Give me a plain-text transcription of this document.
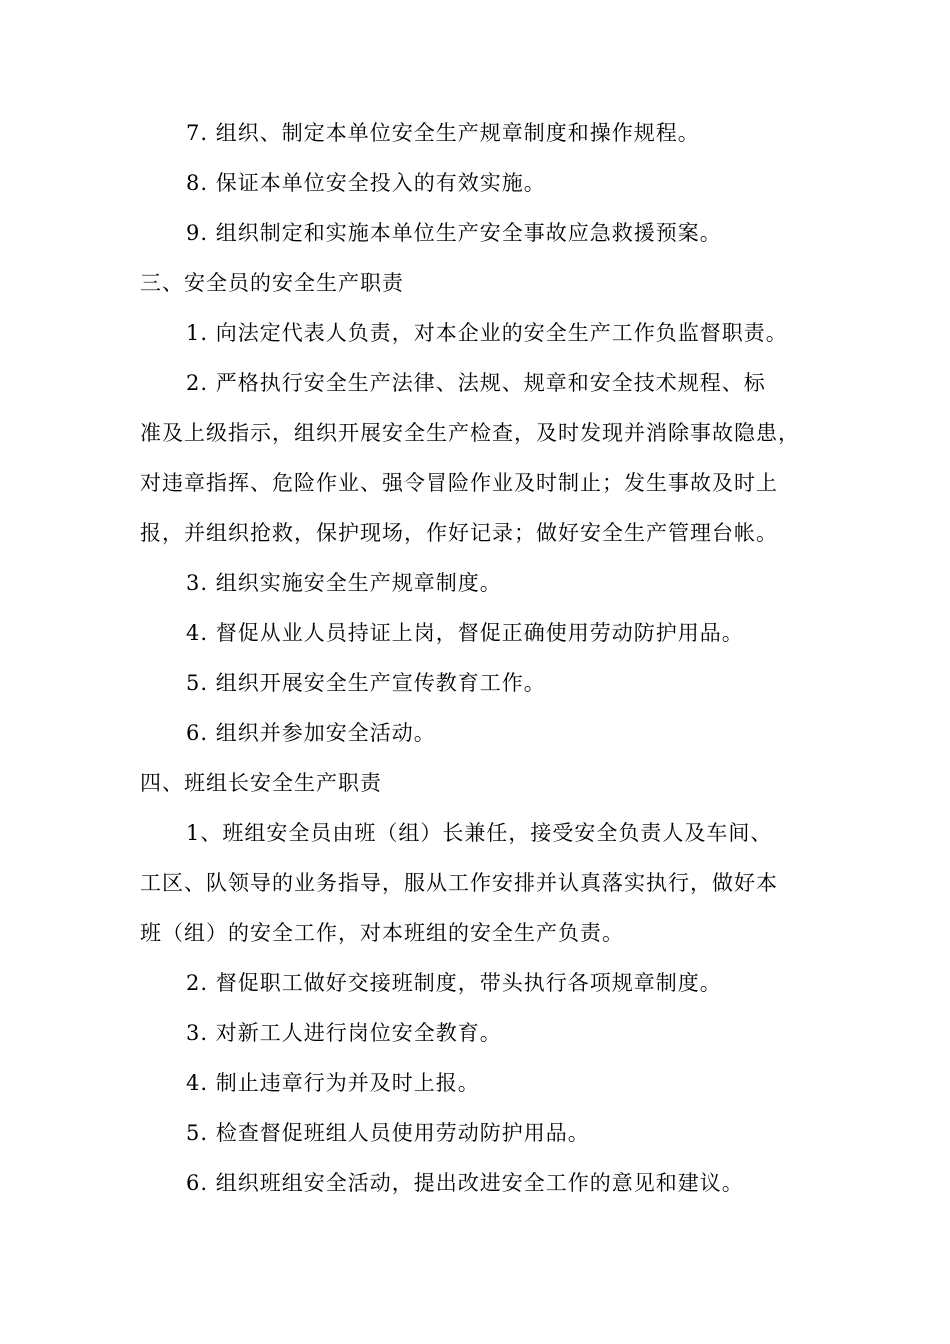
7. 组织、制定本单位安全生产规章制度和操作规程。
8. 保证本单位安全投入的有效实施。
9. 组织制定和实施本单位生产安全事故应急救援预案。
三、安全员的安全生产职责
1. 向法定代表人负责，对本企业的安全生产工作负监督职责。
2. 严格执行安全生产法律、法规、规章和安全技术规程、标
准及上级指示，组织开展安全生产检查，及时发现并消除事故隐患，
对违章指挥、危险作业、强令冒险作业及时制止；发生事故及时上
报，并组织抢救，保护现场，作好记录；做好安全生产管理台帐。
3. 组织实施安全生产规章制度。
4. 督促从业人员持证上岗，督促正确使用劳动防护用品。
5. 组织开展安全生产宣传教育工作。
6. 组织并参加安全活动。
四、班组长安全生产职责
1、班组安全员由班（组）长兼任，接受安全负责人及车间、
工区、队领导的业务指导，服从工作安排并认真落实执行，做好本
班（组）的安全工作，对本班组的安全生产负责。
2. 督促职工做好交接班制度，带头执行各项规章制度。
3. 对新工人进行岗位安全教育。
4. 制止违章行为并及时上报。
5. 检查督促班组人员使用劳动防护用品。
6. 组织班组安全活动，提出改进安全工作的意见和建议。
